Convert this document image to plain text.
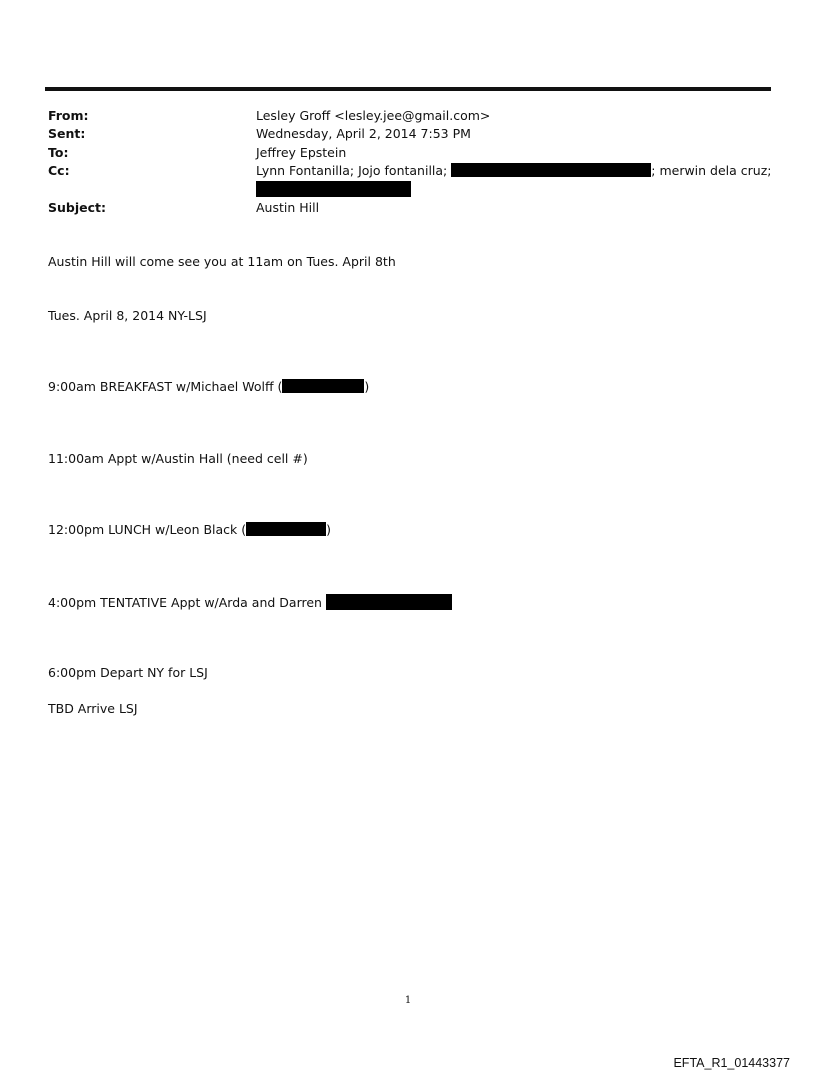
From:	Lesley Groff <lesley.jee@gmail.com>
Sent:	Wednesday, April 2, 2014 7:53 PM
To:	Jeffrey Epstein
Cc:	Lynn Fontanilla; Jojo fontanilla;	; merwin dela cruz;
Subject:	Austin Hill
Austin Hill will come see you at 11am on Tues. April 8th
Tues. April 8, 2014 NY-LSJ
9:00am BREAKFAST w/Michael Wolff (	)
11:00am Appt w/Austin Hall (need cell #)
12:00pm LUNCH w/Leon Black (	)
4:00pm TENTATIVE Appt w/Arda and Darren
6:00pm Depart NY for LSJ
TBD Arrive LSJ
1
EFTA_R1_01443377
